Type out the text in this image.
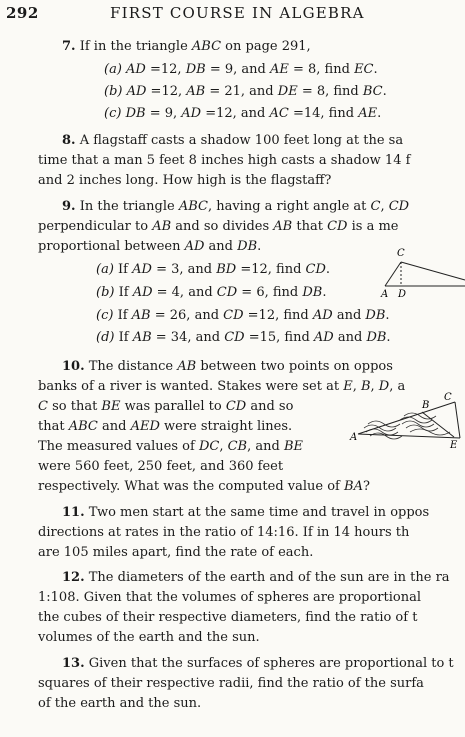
292	FIRST COURSE IN ALGEBRA
7. If in the triangle ABC on page 291,
(a) AD =12, DB = 9, and AE = 8, find EC.
(b) AD =12, AB = 21, and DE = 8, find BC.
(c) DB = 9, AD =12, and AC =14, find AE.
8. A flagstaff casts a shadow 100 feet long at the sa
time that a man 5 feet 8 inches high casts a shadow 14 f
and 2 inches long. How high is the flagstaff?
9. In the triangle ABC, having a right angle at C, CD
perpendicular to AB and so divides AB that CD is a me
proportional between AD and DB.
(a) If AD = 3, and BD =12, find CD.
(b) If AD = 4, and CD = 6, find DB.
(c) If AB = 26, and CD =12, find AD and DB.
(d) If AB = 34, and CD =15, find AD and DB.
10. The distance AB between two points on oppos
banks of a river is wanted. Stakes were set at E, B, D, a
C so that BE was parallel to CD and so
that ABC and AED were straight lines.
The measured values of DC, CB, and BE
were 560 feet, 250 feet, and 360 feet
respectively. What was the computed value of BA?
11. Two men start at the same time and travel in oppos
directions at rates in the ratio of 14:16. If in 14 hours th
are 105 miles apart, find the rate of each.
12. The diameters of the earth and of the sun are in the ra
1:108. Given that the volumes of spheres are proportional
the cubes of their respective diameters, find the ratio of t
volumes of the earth and the sun.
13. Given that the surfaces of spheres are proportional to t
squares of their respective radii, find the ratio of the surfa
of the earth and the sun.
C
A D
A
B
C
E
